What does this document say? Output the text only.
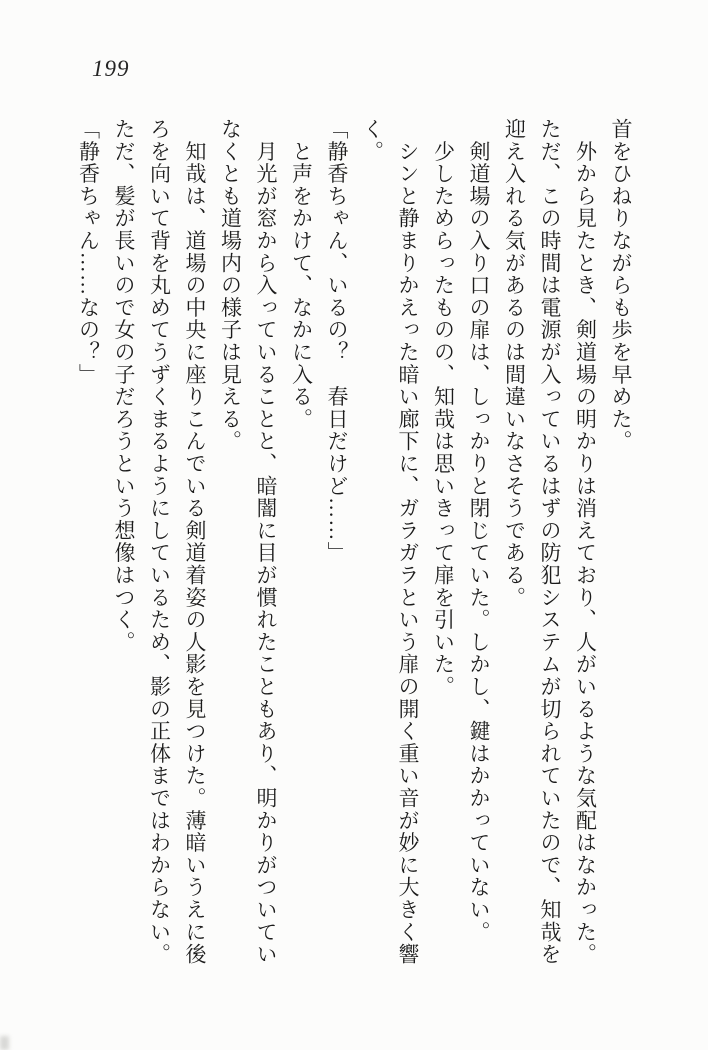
199

首をひねりながらも歩を早めた。

　外から見たとき、剣道場の明かりは消えており、人がいるような気配はなかった。

ただ、この時間は電源が入っているはずの防犯システムが切られていたので、知哉を

迎え入れる気があるのは間違いなさそうである。

　剣道場の入り口の扉は、しっかりと閉じていた。しかし、鍵はかかっていない。

　少しためらったものの、知哉は思いきって扉を引いた。

　シンと静まりかえった暗い廊下に、ガラガラという扉の開く重い音が妙に大きく響

く。

「静香ちゃん、いるの？　春日だけど……」

　と声をかけて、なかに入る。

　月光が窓から入っていることと、暗闇に目が慣れたこともあり、明かりがついてい

なくとも道場内の様子は見える。

　知哉は、道場の中央に座りこんでいる剣道着姿の人影を見つけた。薄暗いうえに後

ろを向いて背を丸めてうずくまるようにしているため、影の正体まではわからない。

ただ、髪が長いので女の子だろうという想像はつく。

「静香ちゃん……なの？」
